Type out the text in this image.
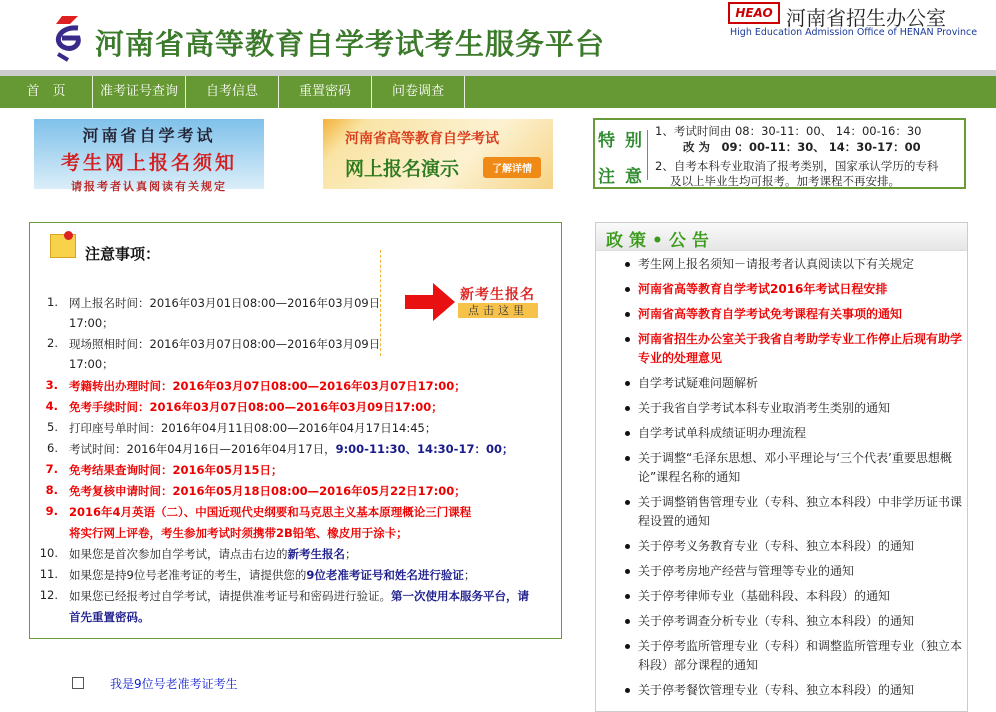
河南省高等教育自学考试考生服务平台
HEAO 河南省招生办公室
High Education Admission Office of HENAN Province
首　页	准考证号查询	自考信息	重置密码	问卷调查
河南省自学考试
考生网上报名须知
请报考者认真阅读有关规定
河南省高等教育自学考试
网上报名演示	了解详情
特别
注意
1、考试时间由 08：30-11：00、 14：00-16：30
改 为　09：00-11：30、 14：30-17：00
2、自考本科专业取消了报考类别，国家承认学历的专科
及以上毕业生均可报考。加考课程不再安排。
注意事项：
新考生报名
点击这里
1. 网上报名时间：2016年03月01日08:00—2016年03月09日
17:00；
2. 现场照相时间：2016年03月07日08:00—2016年03月09日
17:00；
3. 考籍转出办理时间：2016年03月07日08:00—2016年03月07日17:00；
4. 免考手续时间：2016年03月07日08:00—2016年03月09日17:00；
5. 打印座号单时间：2016年04月11日08:00—2016年04月17日14:45；
6. 考试时间：2016年04月16日—2016年04月17日，9:00-11:30、14:30-17：00；
7. 免考结果查询时间：2016年05月15日；
8. 免考复核申请时间：2016年05月18日08:00—2016年05月22日17:00；
9. 2016年4月英语（二）、中国近现代史纲要和马克思主义基本原理概论三门课程
将实行网上评卷，考生参加考试时须携带2B铅笔、橡皮用于涂卡；
10. 如果您是首次参加自学考试，请点击右边的新考生报名；
11. 如果您是持9位号老准考证的考生，请提供您的9位老准考证号和姓名进行验证；
12. 如果您已经报考过自学考试，请提供准考证号和密码进行验证。第一次使用本服务平台，请
首先重置密码。
我是9位号老准考证考生
政策•公告
考生网上报名须知－请报考者认真阅读以下有关规定
河南省高等教育自学考试2016年考试日程安排
河南省高等教育自学考试免考课程有关事项的通知
河南省招生办公室关于我省自考助学专业工作停止后现有助学专业的处理意见
自学考试疑难问题解析
关于我省自学考试本科专业取消考生类别的通知
自学考试单科成绩证明办理流程
关于调整“毛泽东思想、邓小平理论与‘三个代表’重要思想概论”课程名称的通知
关于调整销售管理专业（专科、独立本科段）中非学历证书课程设置的通知
关于停考义务教育专业（专科、独立本科段）的通知
关于停考房地产经营与管理等专业的通知
关于停考律师专业（基础科段、本科段）的通知
关于停考调查分析专业（专科、独立本科段）的通知
关于停考监所管理专业（专科）和调整监所管理专业（独立本科段）部分课程的通知
关于停考餐饮管理专业（专科、独立本科段）的通知
